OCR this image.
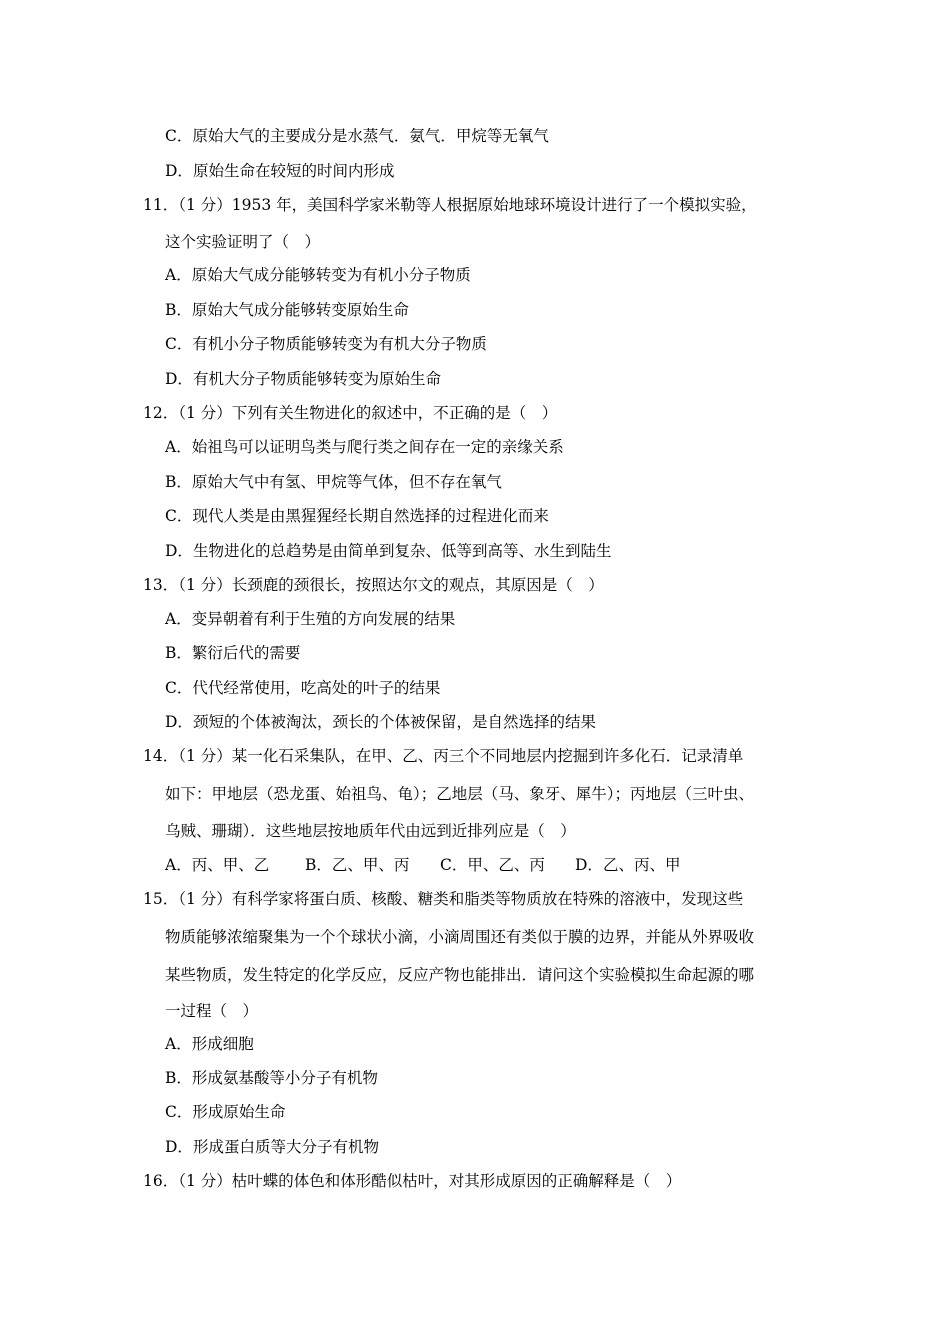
C．原始大气的主要成分是水蒸气．氨气．甲烷等无氧气
D．原始生命在较短的时间内形成
11．（1 分）1953 年，美国科学家米勒等人根据原始地球环境设计进行了一个模拟实验，
这个实验证明了（　）
A．原始大气成分能够转变为有机小分子物质
B．原始大气成分能够转变原始生命
C．有机小分子物质能够转变为有机大分子物质
D．有机大分子物质能够转变为原始生命
12．（1 分）下列有关生物进化的叙述中，不正确的是（　）
A．始祖鸟可以证明鸟类与爬行类之间存在一定的亲缘关系
B．原始大气中有氢、甲烷等气体，但不存在氧气
C．现代人类是由黑猩猩经长期自然选择的过程进化而来
D．生物进化的总趋势是由简单到复杂、低等到高等、水生到陆生
13．（1 分）长颈鹿的颈很长，按照达尔文的观点，其原因是（　）
A．变异朝着有利于生殖的方向发展的结果
B．繁衍后代的需要
C．代代经常使用，吃高处的叶子的结果
D．颈短的个体被淘汰，颈长的个体被保留，是自然选择的结果
14．（1 分）某一化石采集队，在甲、乙、丙三个不同地层内挖掘到许多化石．记录清单
如下：甲地层（恐龙蛋、始祖鸟、龟）；乙地层（马、象牙、犀牛）；丙地层（三叶虫、
乌贼、珊瑚）．这些地层按地质年代由远到近排列应是（　）
A．丙、甲、乙 B．乙、甲、丙 C．甲、乙、丙 D．乙、丙、甲
15．（1 分）有科学家将蛋白质、核酸、糖类和脂类等物质放在特殊的溶液中，发现这些
物质能够浓缩聚集为一个个球状小滴，小滴周围还有类似于膜的边界，并能从外界吸收
某些物质，发生特定的化学反应，反应产物也能排出．请问这个实验模拟生命起源的哪
一过程（　）
A．形成细胞
B．形成氨基酸等小分子有机物
C．形成原始生命
D．形成蛋白质等大分子有机物
16．（1 分）枯叶蝶的体色和体形酷似枯叶，对其形成原因的正确解释是（　）
